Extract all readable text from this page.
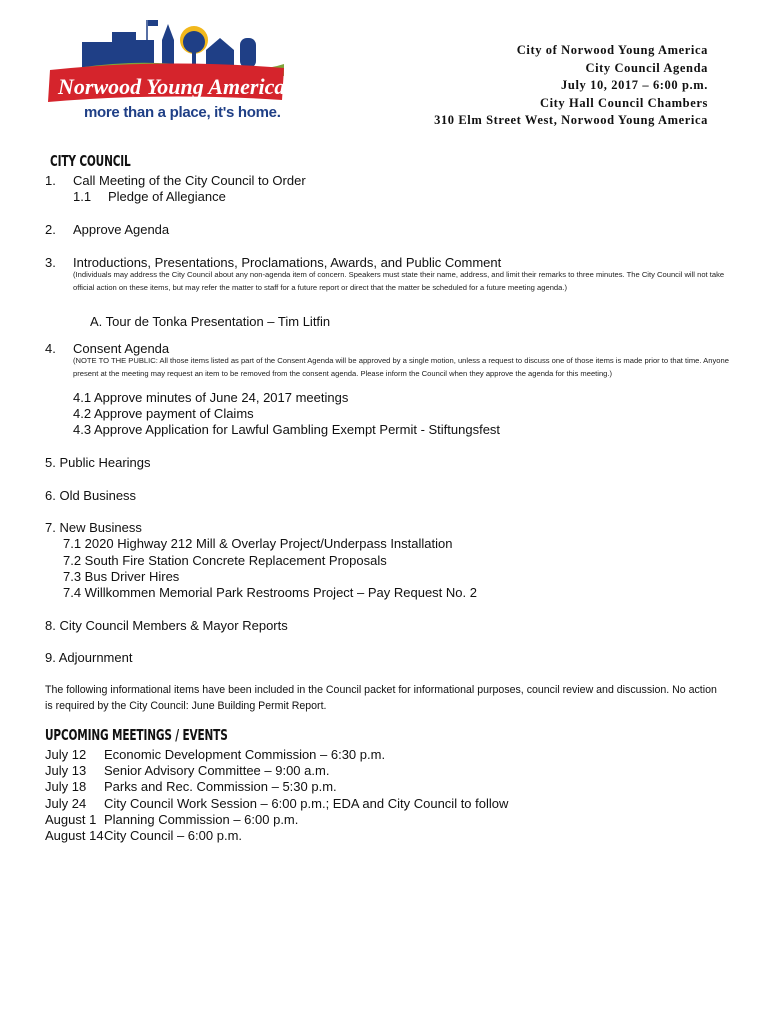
Norwood Young America
more than a place, it's home.
City of Norwood Young America
City Council Agenda
July 10, 2017 – 6:00 p.m.
City Hall Council Chambers
310 Elm Street West, Norwood Young America
CITY COUNCIL
1. Call Meeting of the City Council to Order
1.1 Pledge of Allegiance
2. Approve Agenda
3. Introductions, Presentations, Proclamations, Awards, and Public Comment
(Individuals may address the City Council about any non-agenda item of concern. Speakers must state their name, address, and limit their remarks to three minutes. The City Council will not take official action on these items, but may refer the matter to staff for a future report or direct that the matter be scheduled for a future meeting agenda.)
A. Tour de Tonka Presentation – Tim Litfin
4. Consent Agenda
(NOTE TO THE PUBLIC: All those items listed as part of the Consent Agenda will be approved by a single motion, unless a request to discuss one of those items is made prior to that time. Anyone present at the meeting may request an item to be removed from the consent agenda. Please inform the Council when they approve the agenda for this meeting.)
4.1 Approve minutes of June 24, 2017 meetings
4.2 Approve payment of Claims
4.3 Approve Application for Lawful Gambling Exempt Permit - Stiftungsfest
5. Public Hearings
6. Old Business
7. New Business
7.1 2020 Highway 212 Mill & Overlay Project/Underpass Installation
7.2 South Fire Station Concrete Replacement Proposals
7.3 Bus Driver Hires
7.4 Willkommen Memorial Park Restrooms Project – Pay Request No. 2
8. City Council Members & Mayor Reports
9. Adjournment
The following informational items have been included in the Council packet for informational purposes, council review and discussion. No action is required by the City Council: June Building Permit Report.
UPCOMING MEETINGS / EVENTS
July 12 Economic Development Commission – 6:30 p.m.
July 13 Senior Advisory Committee – 9:00 a.m.
July 18 Parks and Rec. Commission – 5:30 p.m.
July 24 City Council Work Session – 6:00 p.m.; EDA and City Council to follow
August 1 Planning Commission – 6:00 p.m.
August 14City Council – 6:00 p.m.
